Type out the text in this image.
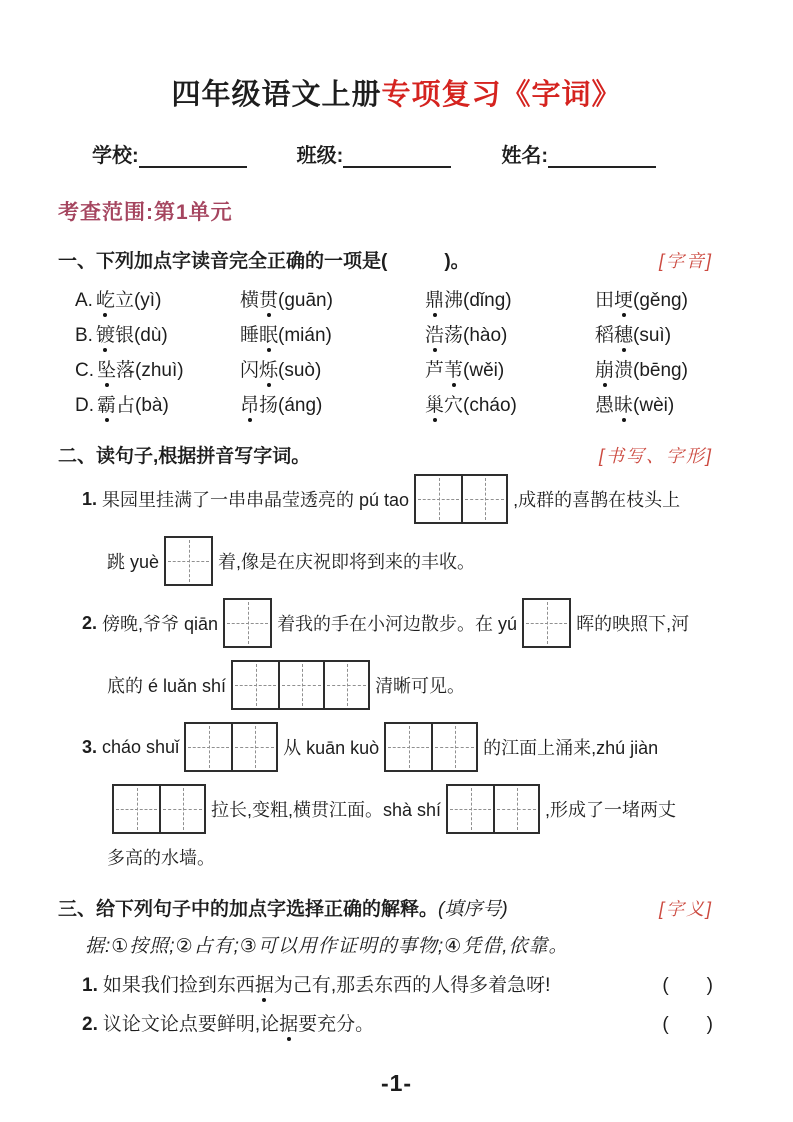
四年级语文上册专项复习《字词》
学校:	班级:	姓名:
考查范围:第1单元
一、下列加点字读音完全正确的一项是(　　　)。	[字音]
A. 屹立(yì)	横贯(guān)	鼎沸(dǐng)	田埂(gěng)
B. 镀银(dù)	睡眠(mián)	浩荡(hào)	稻穗(suì)
C. 坠落(zhuì)	闪烁(suò)	芦苇(wěi)	崩溃(bēng)
D. 霸占(bà)	昂扬(áng)	巢穴(cháo)	愚昧(wèi)
二、读句子,根据拼音写字词。	[书写、字形]
1. 果园里挂满了一串串晶莹透亮的 pú tao	,成群的喜鹊在枝头上
跳 yuè	着,像是在庆祝即将到来的丰收。
2. 傍晚,爷爷 qiān	着我的手在小河边散步。在 yú	晖的映照下,河
底的 é luǎn shí	清晰可见。
3. cháo shuǐ	从 kuān kuò	的江面上涌来,zhú jiàn
拉长,变粗,横贯江面。shà shí	,形成了一堵两丈
多高的水墙。
三、给下列句子中的加点字选择正确的解释。(填序号)	[字义]
据:①按照;②占有;③可以用作证明的事物;④凭借,依靠。
1. 如果我们捡到东西据为己有,那丢东西的人得多着急呀!	(　　)
2. 议论文论点要鲜明,论据要充分。	(　　)
-1-
